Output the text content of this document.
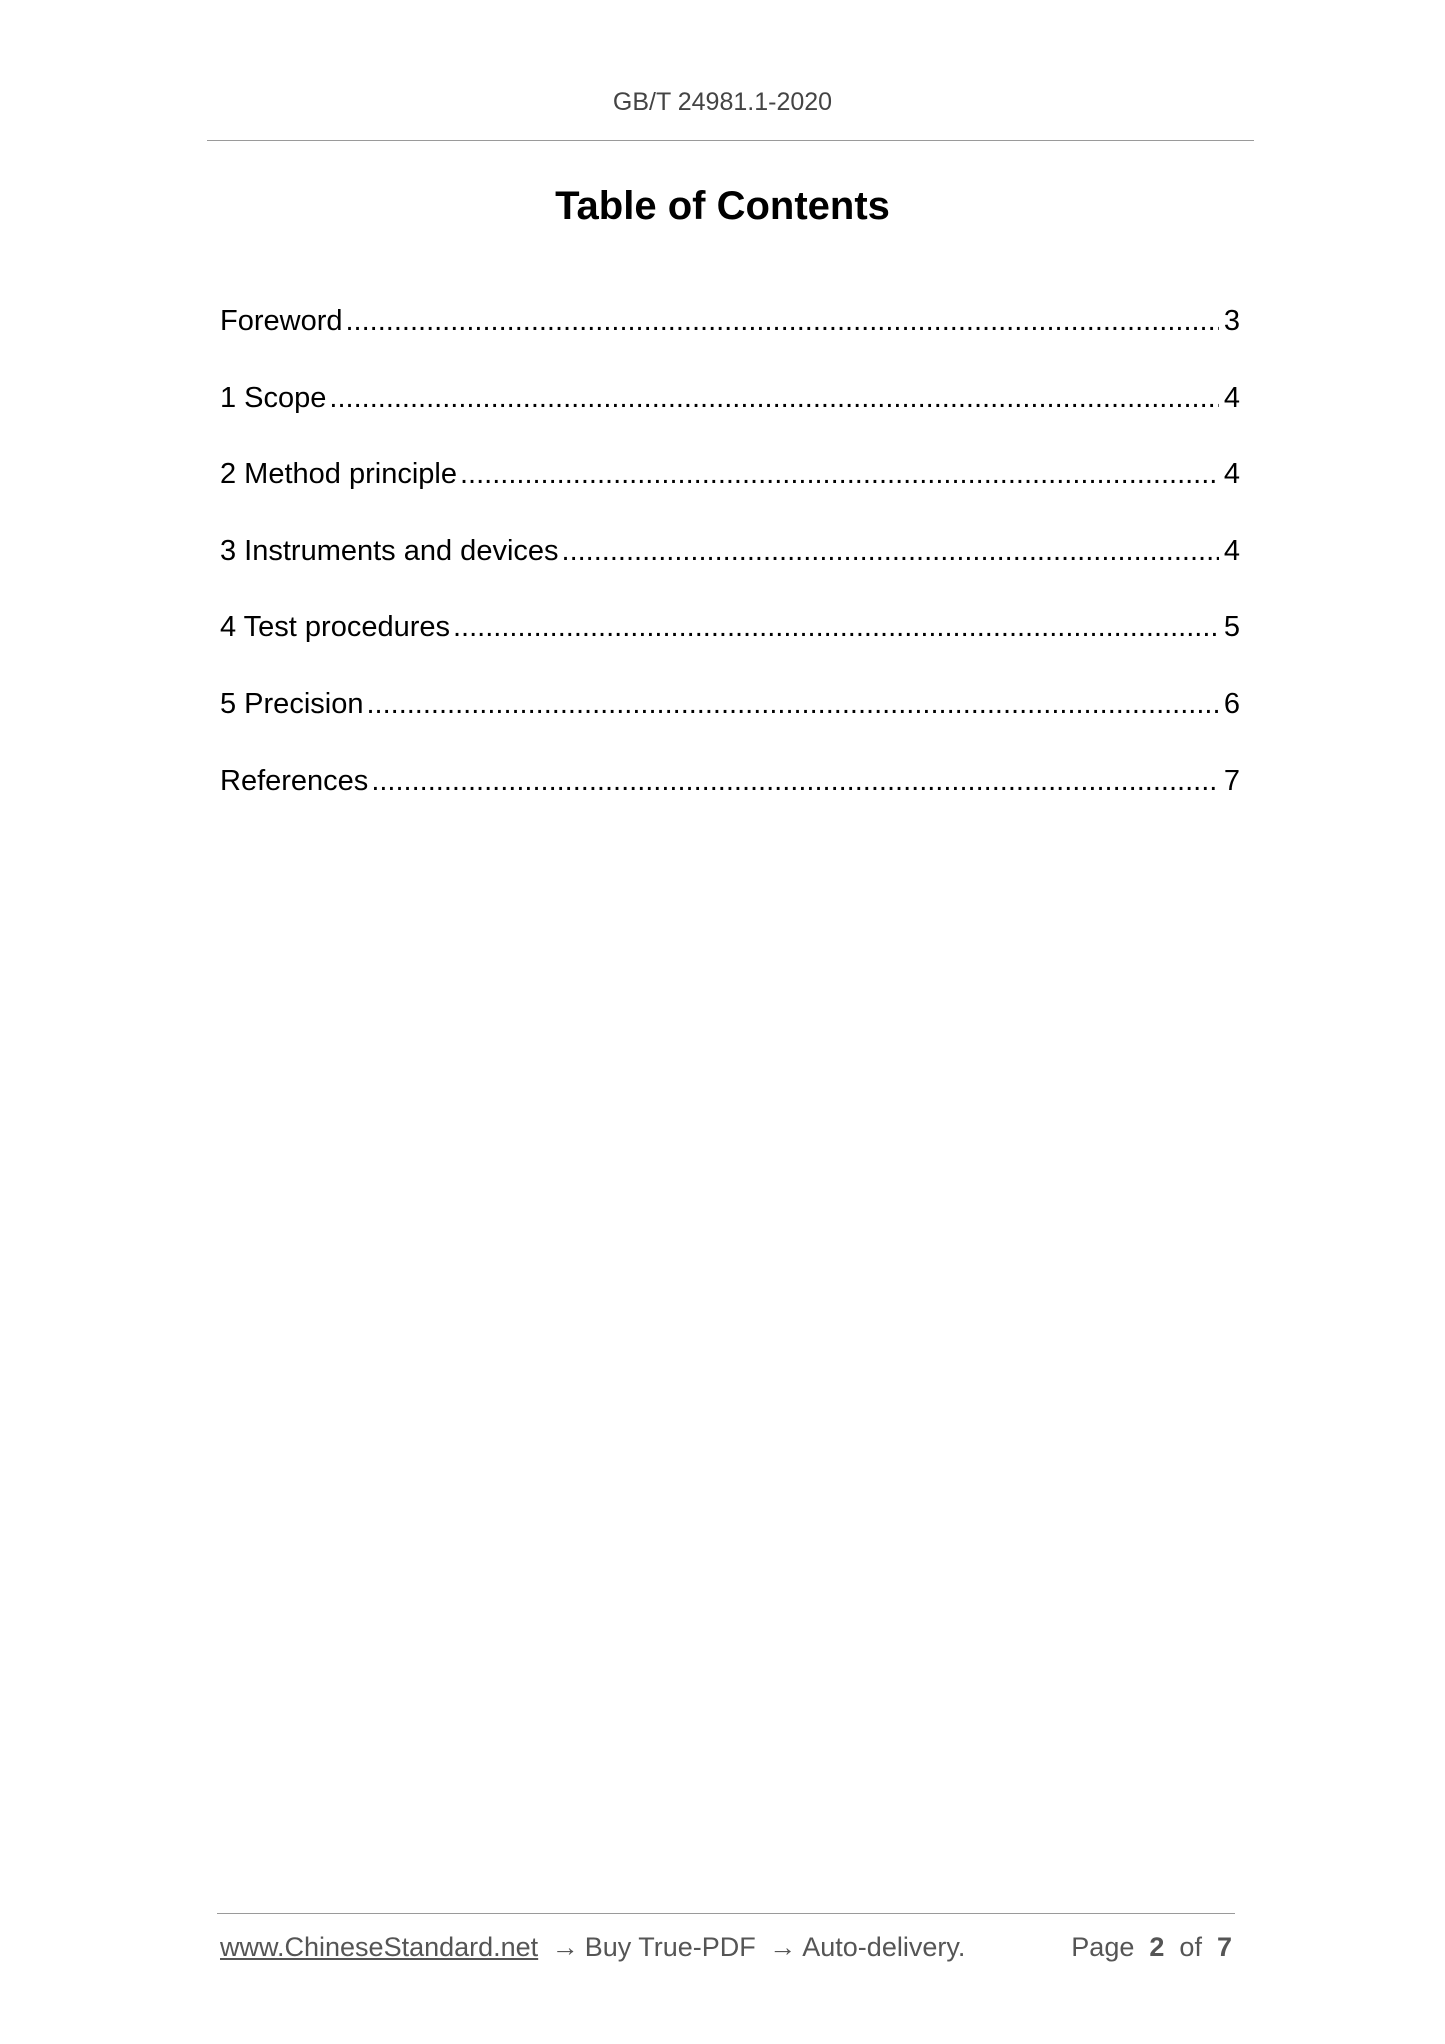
GB/T 24981.1-2020
Table of Contents
Foreword .....	3
1 Scope .....	4
2 Method principle .....	4
3 Instruments and devices .....	4
4 Test procedures .....	5
5 Precision .....	6
References .....	7
www.ChineseStandard.net → Buy True-PDF → Auto-delivery.	Page 2 of 7
